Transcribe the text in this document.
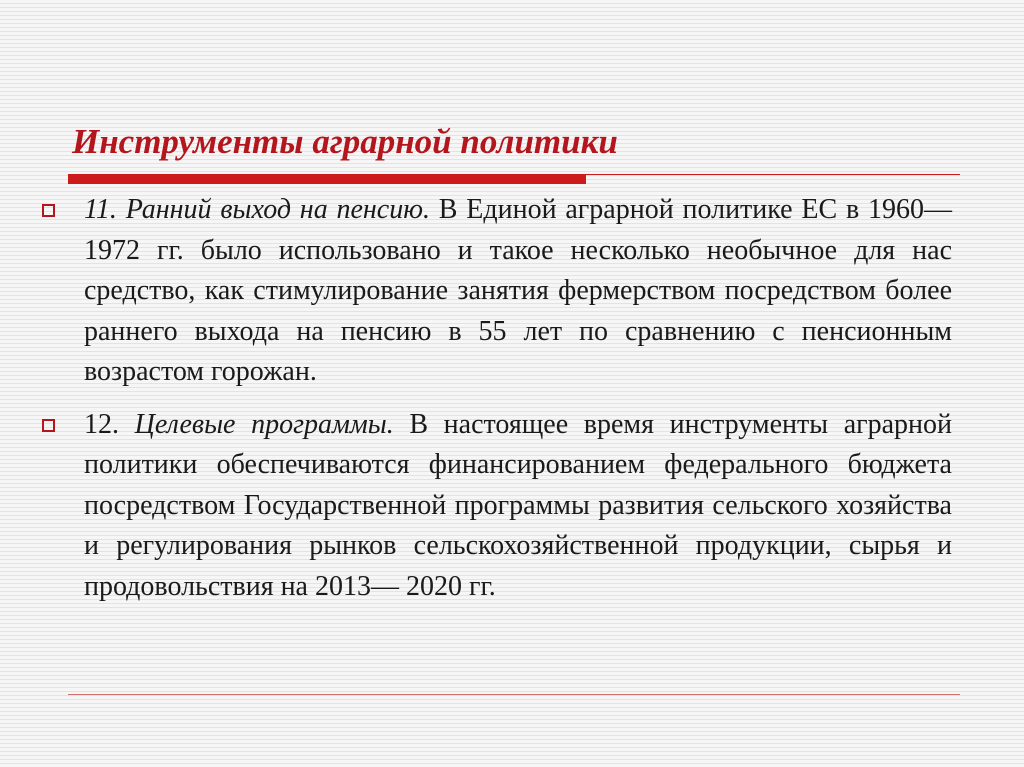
Инструменты аграрной политики
11. Ранний выход на пенсию. В Единой аграрной политике ЕС в 1960— 1972 гг. было использовано и такое несколько необычное для нас средство, как стимулирование занятия фермерством посредством более раннего выхода на пенсию в 55 лет по сравнению с пенсионным возрастом горожан.
12. Целевые программы. В настоящее время инструменты аграрной политики обеспечиваются финансированием федерального бюджета посредством Государственной программы развития сельского хозяйства и регулирования рынков сельскохозяйственной продукции, сырья и продовольствия на 2013— 2020 гг.
